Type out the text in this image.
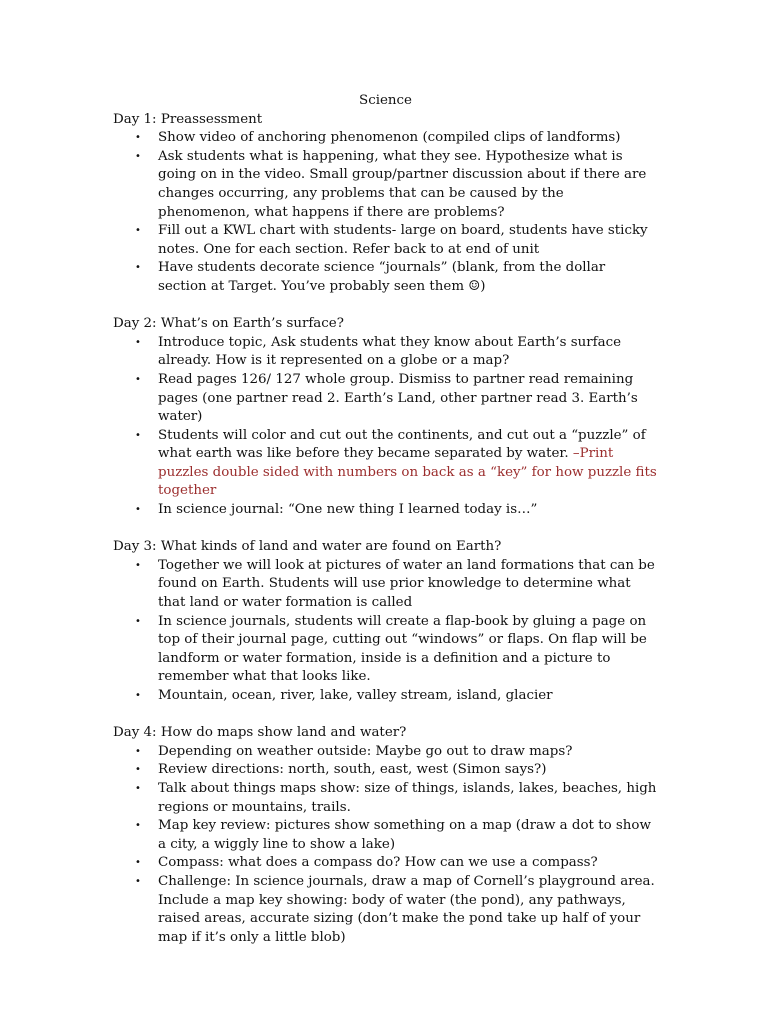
Science
Day 1: Preassessment
• Show video of anchoring phenomenon (compiled clips of landforms)
• Ask students what is happening, what they see. Hypothesize what is going on in the video. Small group/partner discussion about if there are changes occurring, any problems that can be caused by the phenomenon, what happens if there are problems?
• Fill out a KWL chart with students- large on board, students have sticky notes. One for each section. Refer back to at end of unit
• Have students decorate science “journals” (blank, from the dollar section at Target. You’ve probably seen them ☺)
Day 2: What’s on Earth’s surface?
• Introduce topic, Ask students what they know about Earth’s surface already. How is it represented on a globe or a map?
• Read pages 126/ 127 whole group. Dismiss to partner read remaining pages (one partner read 2. Earth’s Land, other partner read 3. Earth’s water)
• Students will color and cut out the continents, and cut out a “puzzle” of what earth was like before they became separated by water. –Print puzzles double sided with numbers on back as a “key” for how puzzle fits together
• In science journal: “One new thing I learned today is…”
Day 3: What kinds of land and water are found on Earth?
• Together we will look at pictures of water an land formations that can be found on Earth. Students will use prior knowledge to determine what that land or water formation is called
• In science journals, students will create a flap-book by gluing a page on top of their journal page, cutting out “windows” or flaps. On flap will be landform or water formation, inside is a definition and a picture to remember what that looks like.
• Mountain, ocean, river, lake, valley stream, island, glacier
Day 4: How do maps show land and water?
• Depending on weather outside: Maybe go out to draw maps?
• Review directions: north, south, east, west (Simon says?)
• Talk about things maps show: size of things, islands, lakes, beaches, high regions or mountains, trails.
• Map key review: pictures show something on a map (draw a dot to show a city, a wiggly line to show a lake)
• Compass: what does a compass do? How can we use a compass?
• Challenge: In science journals, draw a map of Cornell’s playground area. Include a map key showing: body of water (the pond), any pathways, raised areas, accurate sizing (don’t make the pond take up half of your map if it’s only a little blob)
